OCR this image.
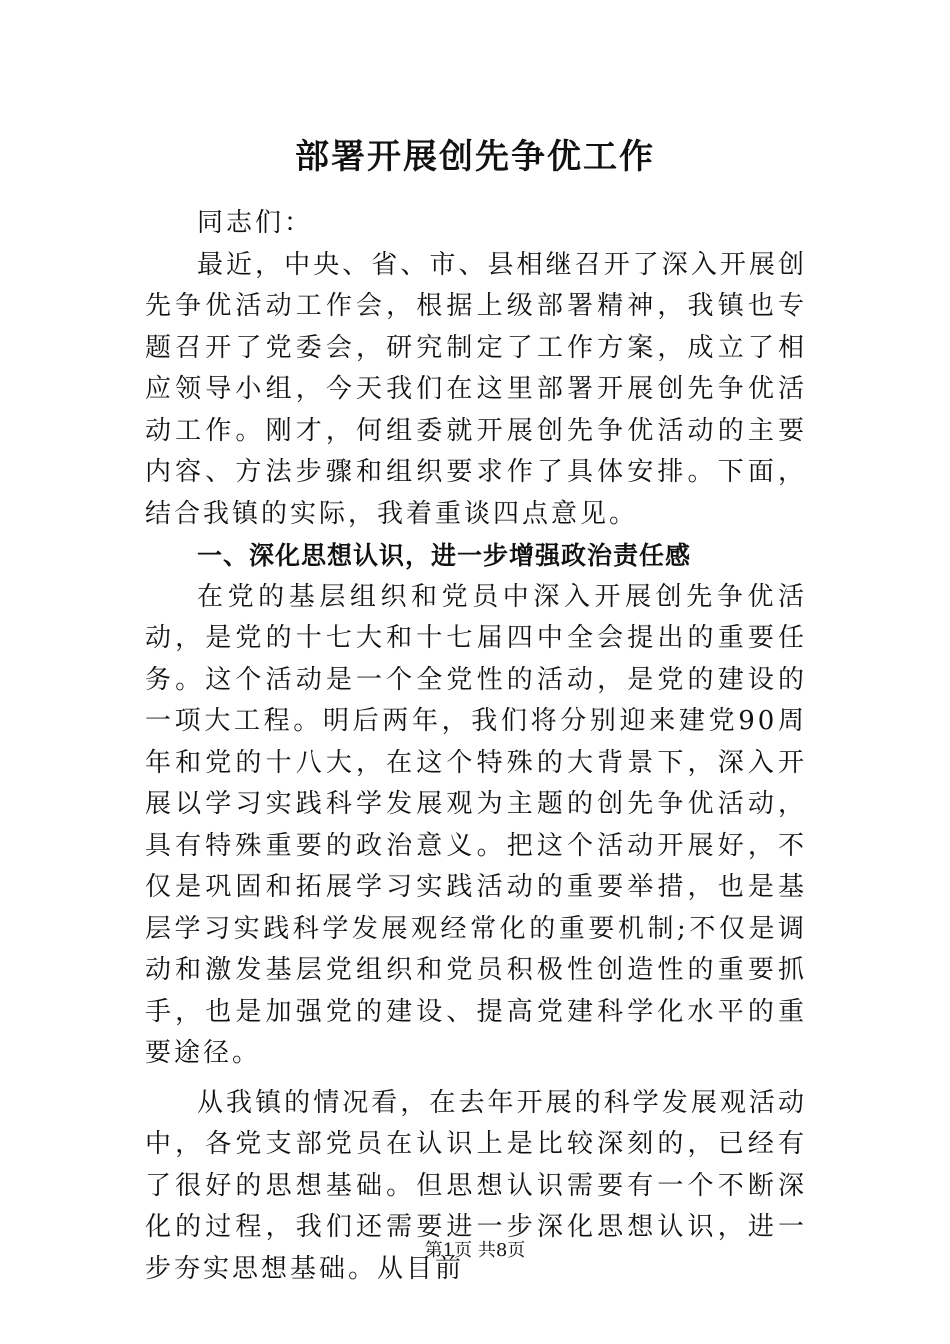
部署开展创先争优工作

同志们：

最近，中央、省、市、县相继召开了深入开展创先争优活动工作会，根据上级部署精神，我镇也专题召开了党委会，研究制定了工作方案，成立了相应领导小组，今天我们在这里部署开展创先争优活动工作。刚才，何组委就开展创先争优活动的主要内容、方法步骤和组织要求作了具体安排。下面，结合我镇的实际，我着重谈四点意见。

一、深化思想认识，进一步增强政治责任感

在党的基层组织和党员中深入开展创先争优活动，是党的十七大和十七届四中全会提出的重要任务。这个活动是一个全党性的活动，是党的建设的一项大工程。明后两年，我们将分别迎来建党90周年和党的十八大，在这个特殊的大背景下，深入开展以学习实践科学发展观为主题的创先争优活动，具有特殊重要的政治意义。把这个活动开展好，不仅是巩固和拓展学习实践活动的重要举措，也是基层学习实践科学发展观经常化的重要机制;不仅是调动和激发基层党组织和党员积极性创造性的重要抓手，也是加强党的建设、提高党建科学化水平的重要途径。

从我镇的情况看，在去年开展的科学发展观活动中，各党支部党员在认识上是比较深刻的，已经有了很好的思想基础。但思想认识需要有一个不断深化的过程，我们还需要进一步深化思想认识，进一步夯实思想基础。从目前

第1页 共8页
